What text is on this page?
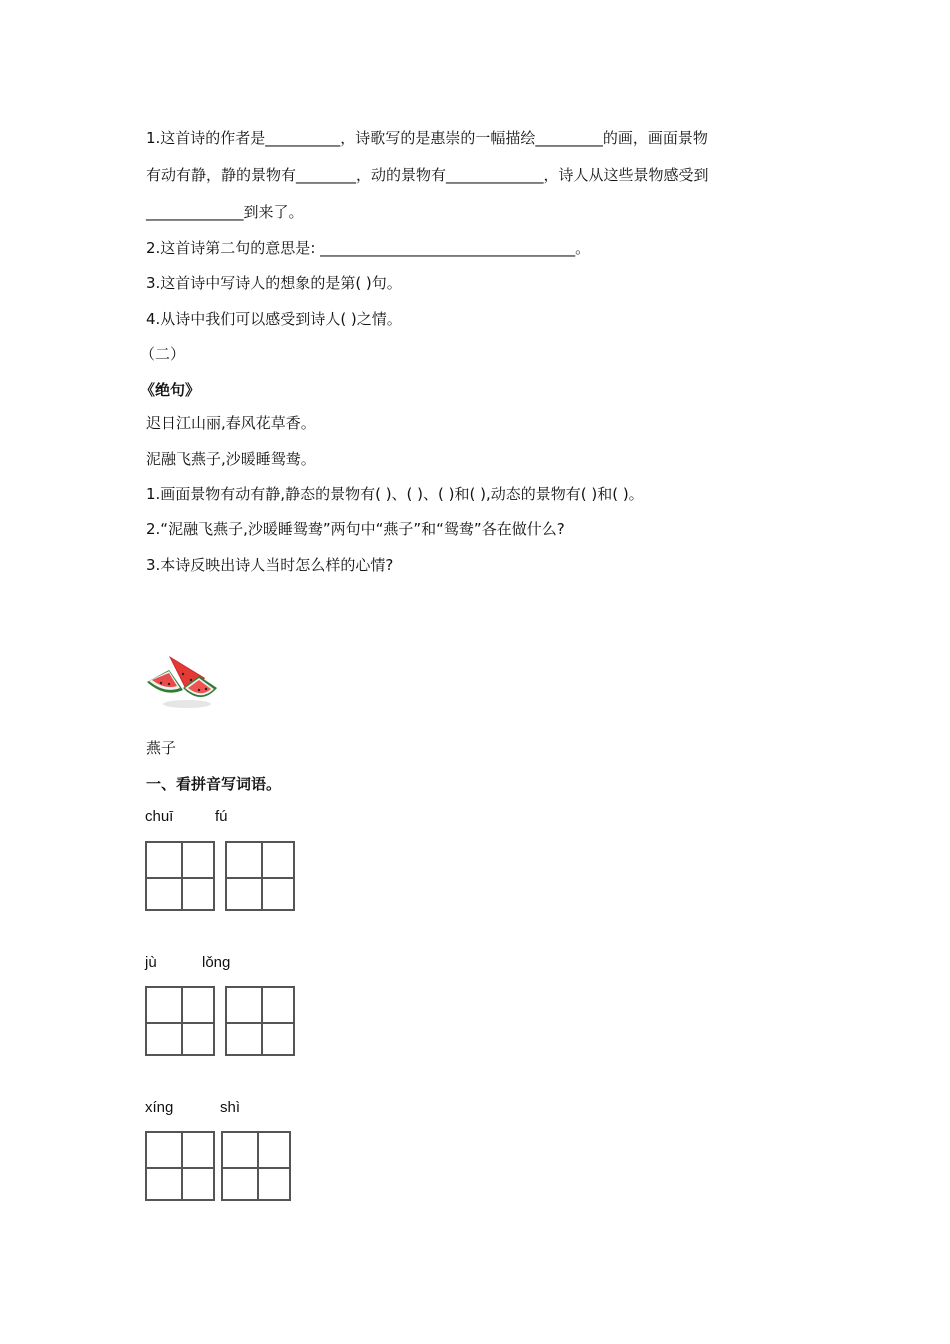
1.这首诗的作者是__________，诗歌写的是惠崇的一幅描绘_________的画，画面景物
有动有静，静的景物有________，动的景物有_____________，诗人从这些景物感受到
_____________到来了。
2.这首诗第二句的意思是: __________________________________。
3.这首诗中写诗人的想象的是第( )句。
4.从诗中我们可以感受到诗人( )之情。
（二）
《绝句》
迟日江山丽,春风花草香。
泥融飞燕子,沙暖睡鸳鸯。
1.画面景物有动有静,静态的景物有( )、( )、( )和( ),动态的景物有( )和( )。
2.“泥融飞燕子,沙暖睡鸳鸯”两句中“燕子”和“鸳鸯”各在做什么?
3.本诗反映出诗人当时怎么样的心情?
燕子
一、看拼音写词语。
chuī	fú
jù	lǒng
xíng	shì
